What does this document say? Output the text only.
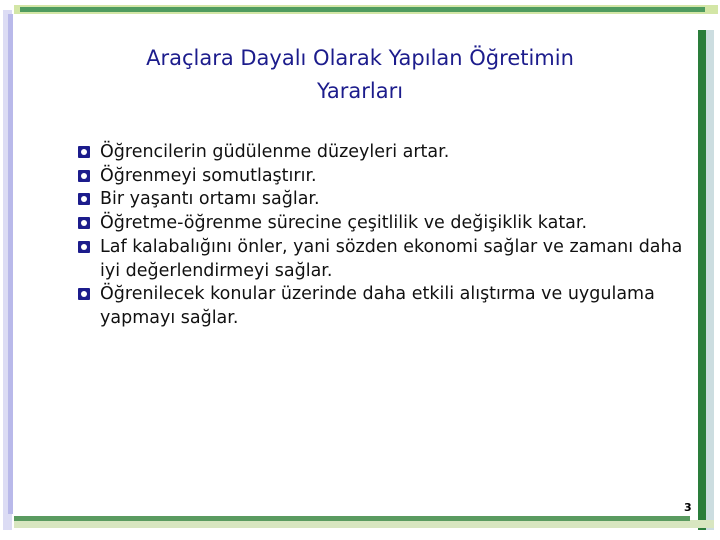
Araçlara Dayalı Olarak Yapılan Öğretimin
Yararları
Öğrencilerin güdülenme düzeyleri artar.
Öğrenmeyi somutlaştırır.
Bir yaşantı ortamı sağlar.
Öğretme-öğrenme sürecine çeşitlilik ve değişiklik katar.
Laf kalabalığını önler, yani sözden ekonomi sağlar ve zamanı daha iyi değerlendirmeyi sağlar.
Öğrenilecek konular üzerinde daha etkili alıştırma ve uygulama yapmayı sağlar.
3
